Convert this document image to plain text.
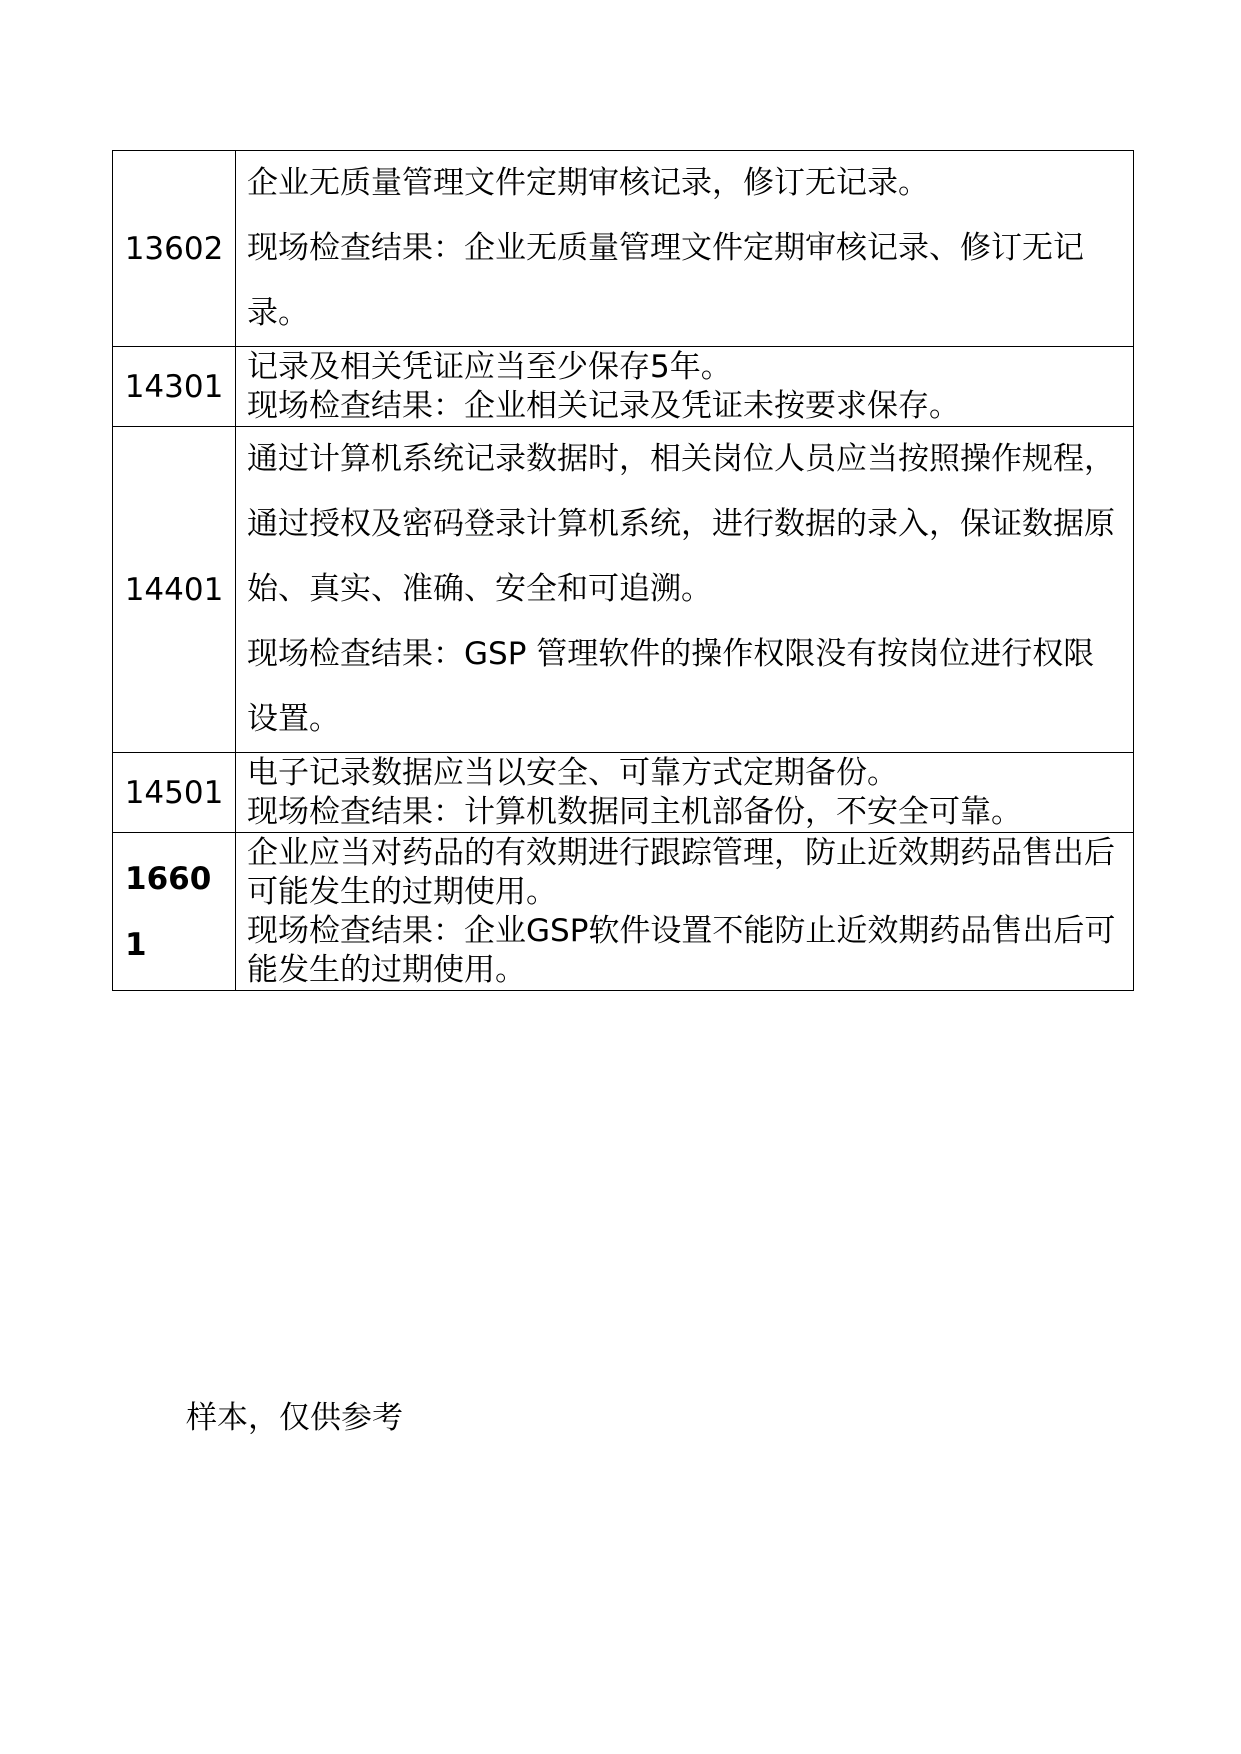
13602	企业无质量管理文件定期审核记录，修订无记录。

现场检查结果：企业无质量管理文件定期审核记录、修订无记录。

14301	记录及相关凭证应当至少保存5年。

现场检查结果：企业相关记录及凭证未按要求保存。

14401	通过计算机系统记录数据时，相关岗位人员应当按照操作规程，通过授权及密码登录计算机系统，进行数据的录入，保证数据原始、真实、准确、安全和可追溯。

现场检查结果：GSP 管理软件的操作权限没有按岗位进行权限设置。

14501	电子记录数据应当以安全、可靠方式定期备份。

现场检查结果：计算机数据同主机部备份，不安全可靠。

16601	企业应当对药品的有效期进行跟踪管理，防止近效期药品售出后可能发生的过期使用。

现场检查结果：企业GSP软件设置不能防止近效期药品售出后可能发生的过期使用。

样本，仅供参考
